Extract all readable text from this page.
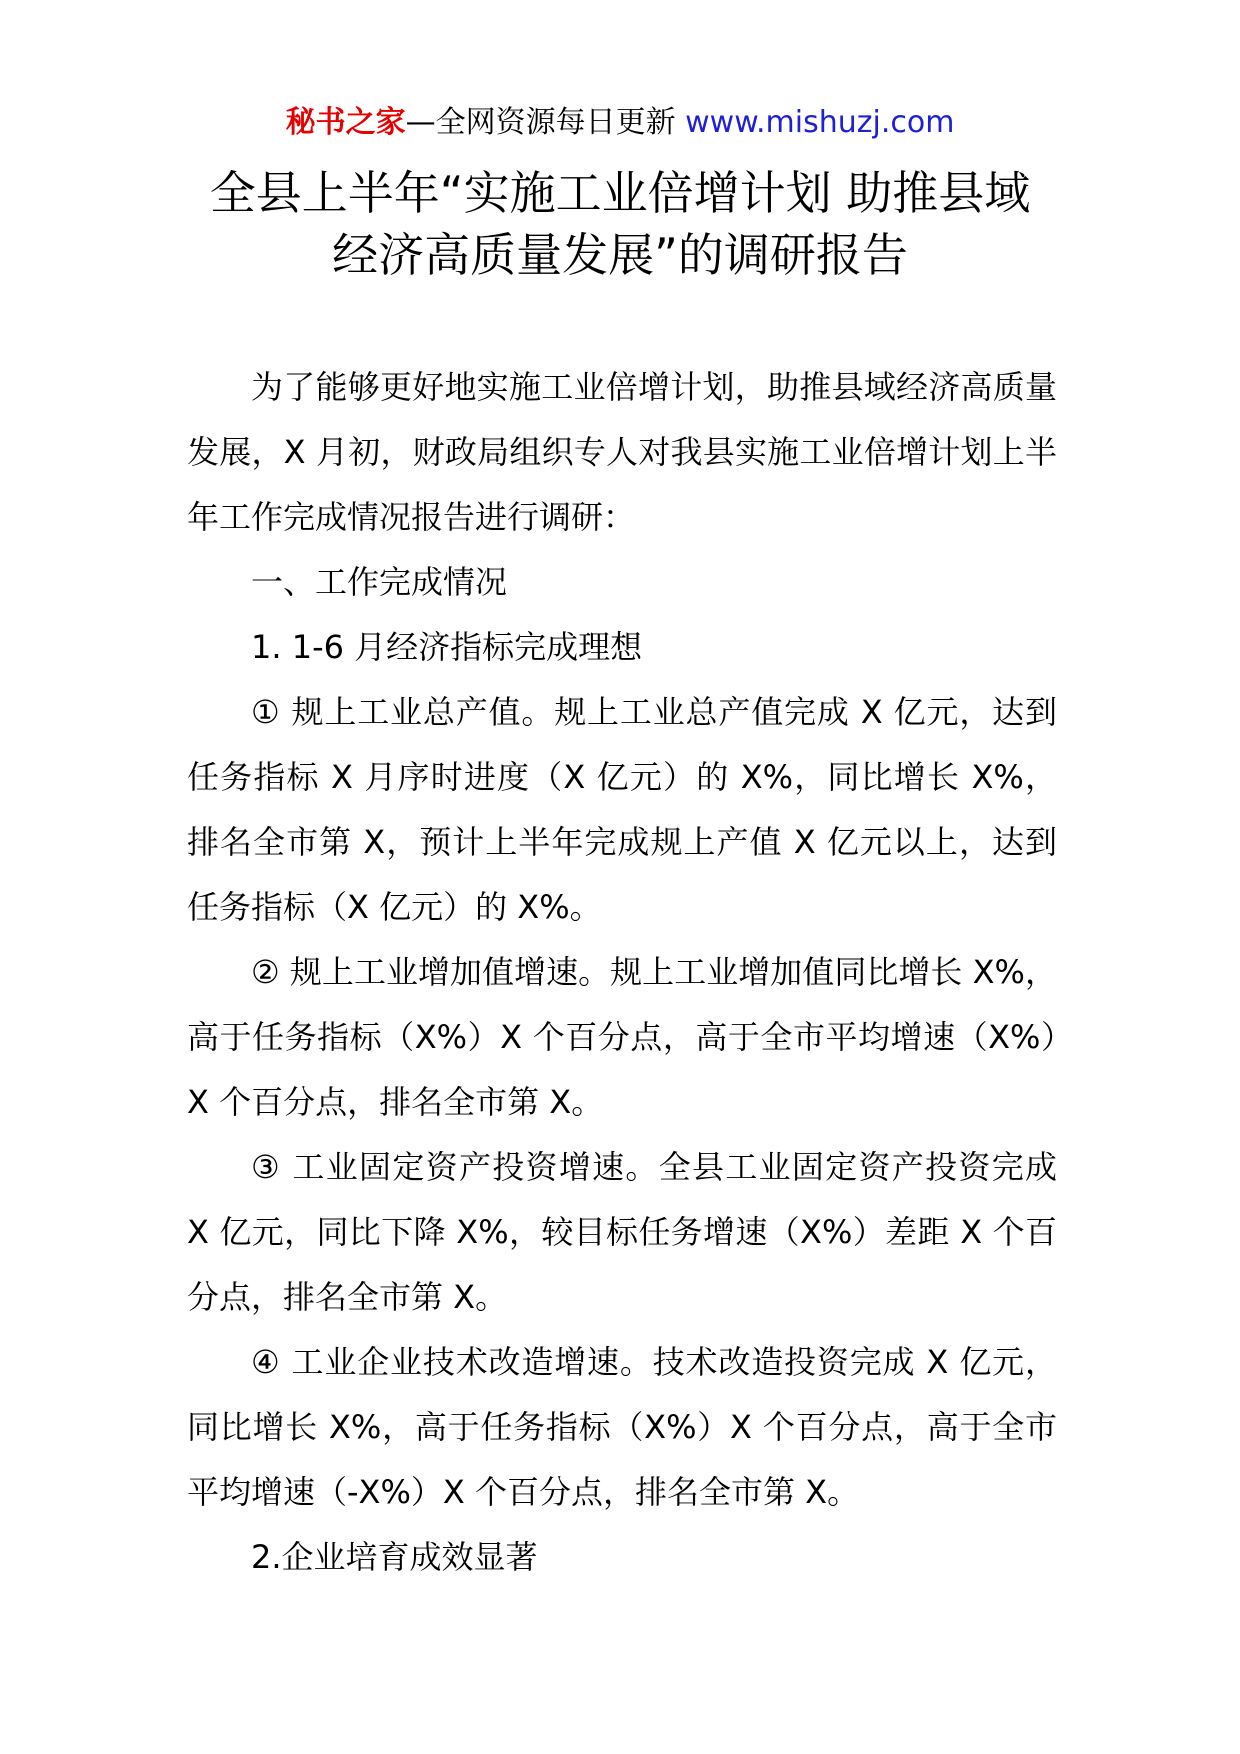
秘书之家—全网资源每日更新 www.mishuzj.com
全县上半年“实施工业倍增计划 助推县域
经济高质量发展”的调研报告

为了能够更好地实施工业倍增计划，助推县域经济高质量发展，X 月初，财政局组织专人对我县实施工业倍增计划上半年工作完成情况报告进行调研：

一、工作完成情况

1. 1-6 月经济指标完成理想

① 规上工业总产值。规上工业总产值完成 X 亿元，达到任务指标 X 月序时进度（X 亿元）的 X%，同比增长 X%，排名全市第 X，预计上半年完成规上产值 X 亿元以上，达到任务指标（X 亿元）的 X%。

② 规上工业增加值增速。规上工业增加值同比增长 X%，高于任务指标（X%）X 个百分点，高于全市平均增速（X%）X 个百分点，排名全市第 X。

③ 工业固定资产投资增速。全县工业固定资产投资完成 X 亿元，同比下降 X%，较目标任务增速（X%）差距 X 个百分点，排名全市第 X。

④ 工业企业技术改造增速。技术改造投资完成 X 亿元，同比增长 X%，高于任务指标（X%）X 个百分点，高于全市平均增速（-X%）X 个百分点，排名全市第 X。

2.企业培育成效显著
